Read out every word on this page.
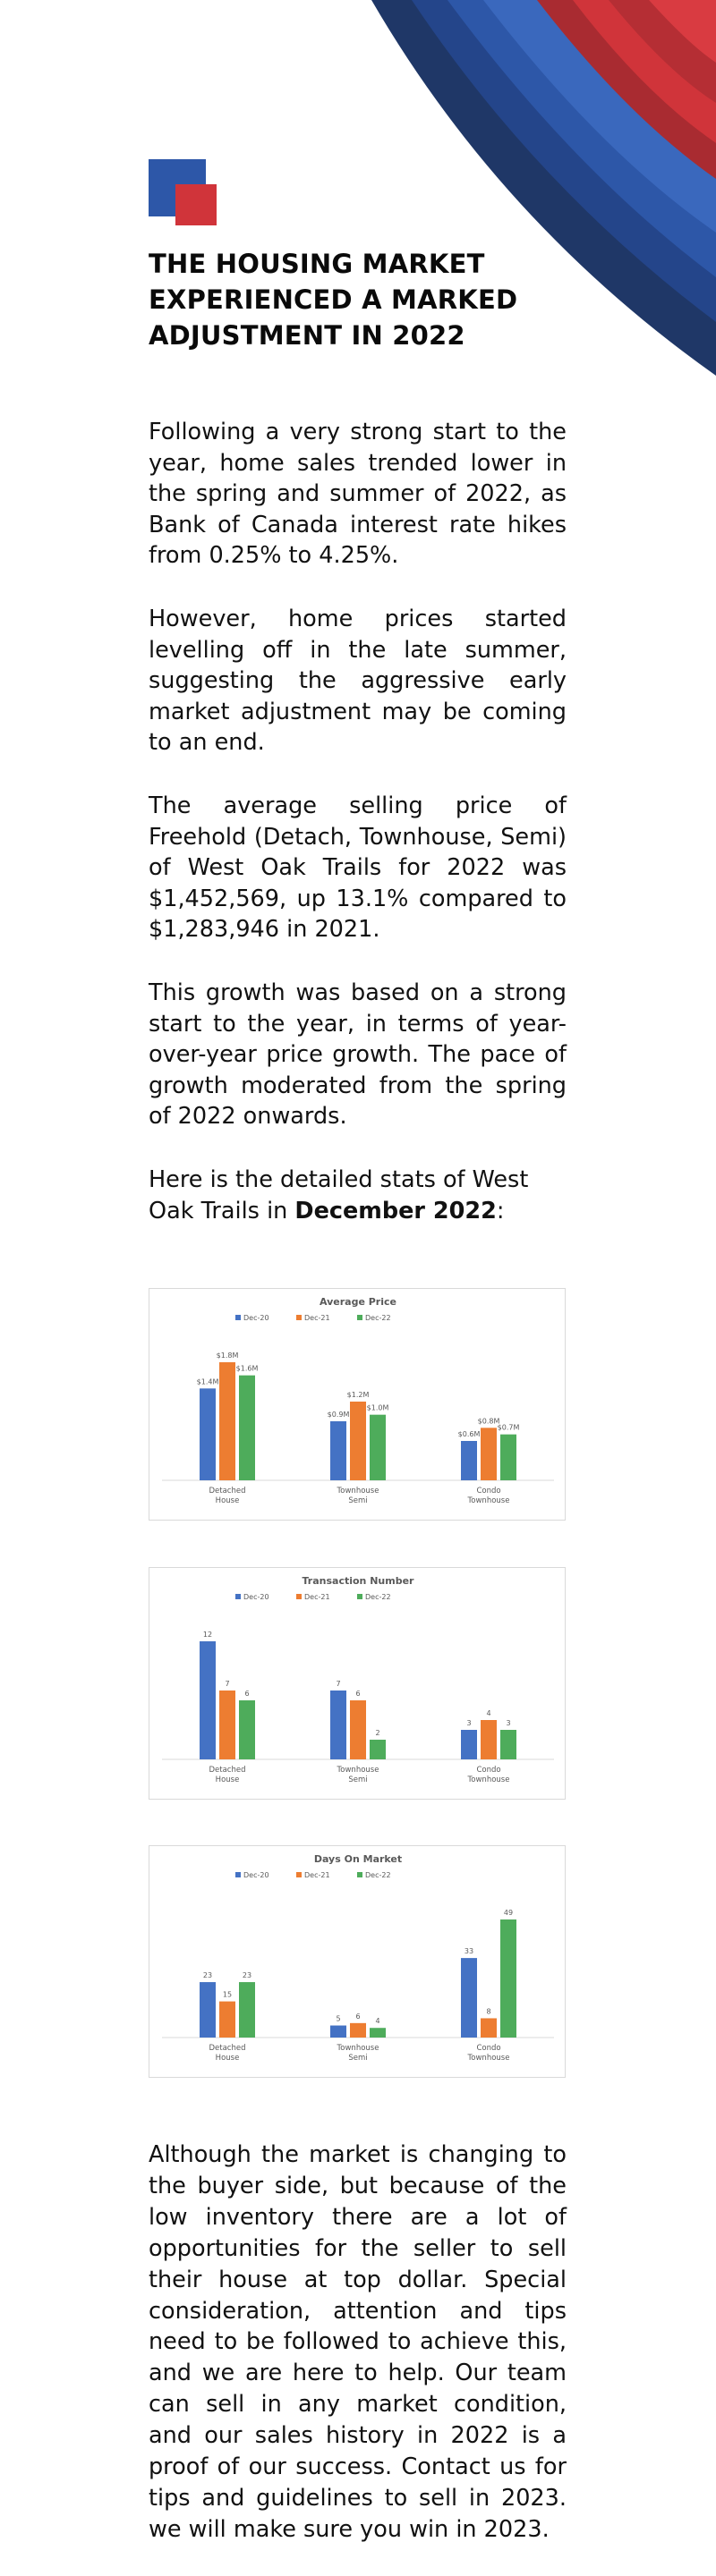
THE HOUSING MARKET
EXPERIENCED A MARKED
ADJUSTMENT IN 2022

Following a very strong start to the year, home sales trended lower in the spring and summer of 2022, as Bank of Canada interest rate hikes from 0.25% to 4.25%.

However, home prices started levelling off in the late summer, suggesting the aggressive early market adjustment may be coming to an end.

The average selling price of Freehold (Detach, Townhouse, Semi) of West Oak Trails for 2022 was $1,452,569, up 13.1% compared to $1,283,946 in 2021.

This growth was based on a strong start to the year, in terms of year-over-year price growth. The pace of growth moderated from the spring of 2022 onwards.

Here is the detailed stats of West Oak Trails in December 2022:

Average Price
Dec-20	Dec-21	Dec-22
$1.4M
$1.8M
$1.6M
Detached
House
$0.9M
$1.2M
$1.0M
Townhouse
Semi
$0.6M
$0.8M
$0.7M
Condo
Townhouse
Transaction Number
Dec-20	Dec-21	Dec-22
12
7
6
Detached
House
7
6
2
Townhouse
Semi
3
4
3
Condo
Townhouse
Days On Market
Dec-20	Dec-21	Dec-22
23
15
23
Detached
House
5 6
4
Townhouse
Semi
33
8
49
Condo
Townhouse

Although the market is changing to the buyer side, but because of the low inventory there are a lot of opportunities for the seller to sell their house at top dollar. Special consideration, attention and tips need to be followed to achieve this, and we are here to help. Our team can sell in any market condition, and our sales history in 2022 is a proof of our success. Contact us for tips and guidelines to sell in 2023. we will make sure you win in 2023.
